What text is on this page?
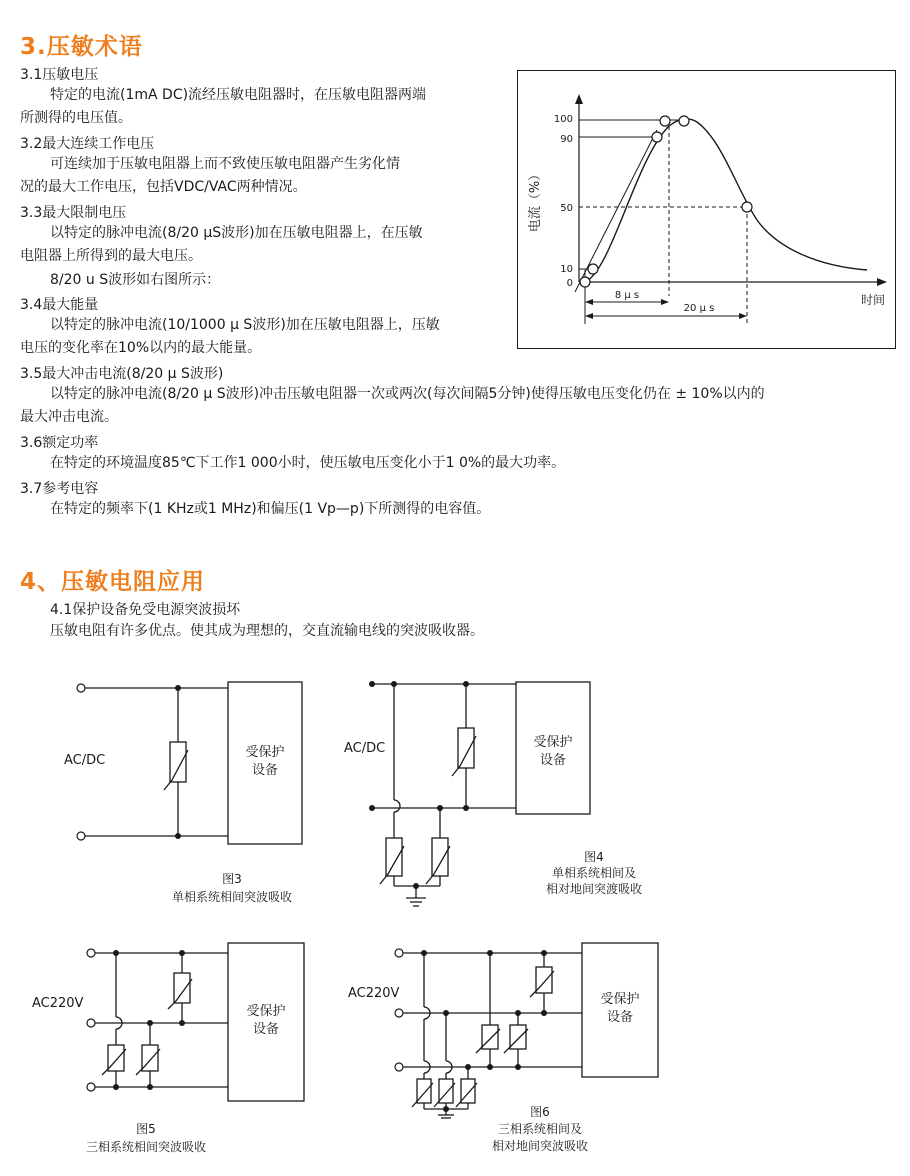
3.压敏术语
3.1压敏电压
特定的电流(1mA DC)流经压敏电阻器时，在压敏电阻器两端
所测得的电压值。
3.2最大连续工作电压
可连续加于压敏电阻器上而不致使压敏电阻器产生劣化情
况的最大工作电压，包括VDC/VAC两种情况。
3.3最大限制电压
以特定的脉冲电流(8/20 μS波形)加在压敏电阻器上，在压敏
电阻器上所得到的最大电压。
8/20 u S波形如右图所示：
3.4最大能量
以特定的脉冲电流(10/1000 μ S波形)加在压敏电阻器上，压敏
电压的变化率在10%以内的最大能量。
3.5最大冲击电流(8/20 μ S波形)
以特定的脉冲电流(8/20 μ S波形)冲击压敏电阻器一次或两次(每次间隔5分钟)使得压敏电压变化仍在 ± 10%以内的
最大冲击电流。
3.6额定功率
在特定的环境温度85℃下工作1 000小时，使压敏电压变化小于1 0%的最大功率。
3.7参考电容
在特定的频率下(1 KHz或1 MHz)和偏压(1 Vp—p)下所测得的电容值。
电流（%）
100
90
50
10
0
8 μ s
20 μ s
时间
4、压敏电阻应用
4.1保护设备免受电源突波损坏
压敏电阻有许多优点。使其成为理想的，交直流输电线的突波吸收器。
AC/DC
受保护
设备
图3
单相系统相间突波吸收
AC/DC	受保护
设备
图4
单相系统相间及
相对地间突渡吸收
AC220V
受保护
设备
图5
三相系统相间突波吸收
AC220V	受保护
设备
图6
三相系统相间及
相对地间突波吸收
